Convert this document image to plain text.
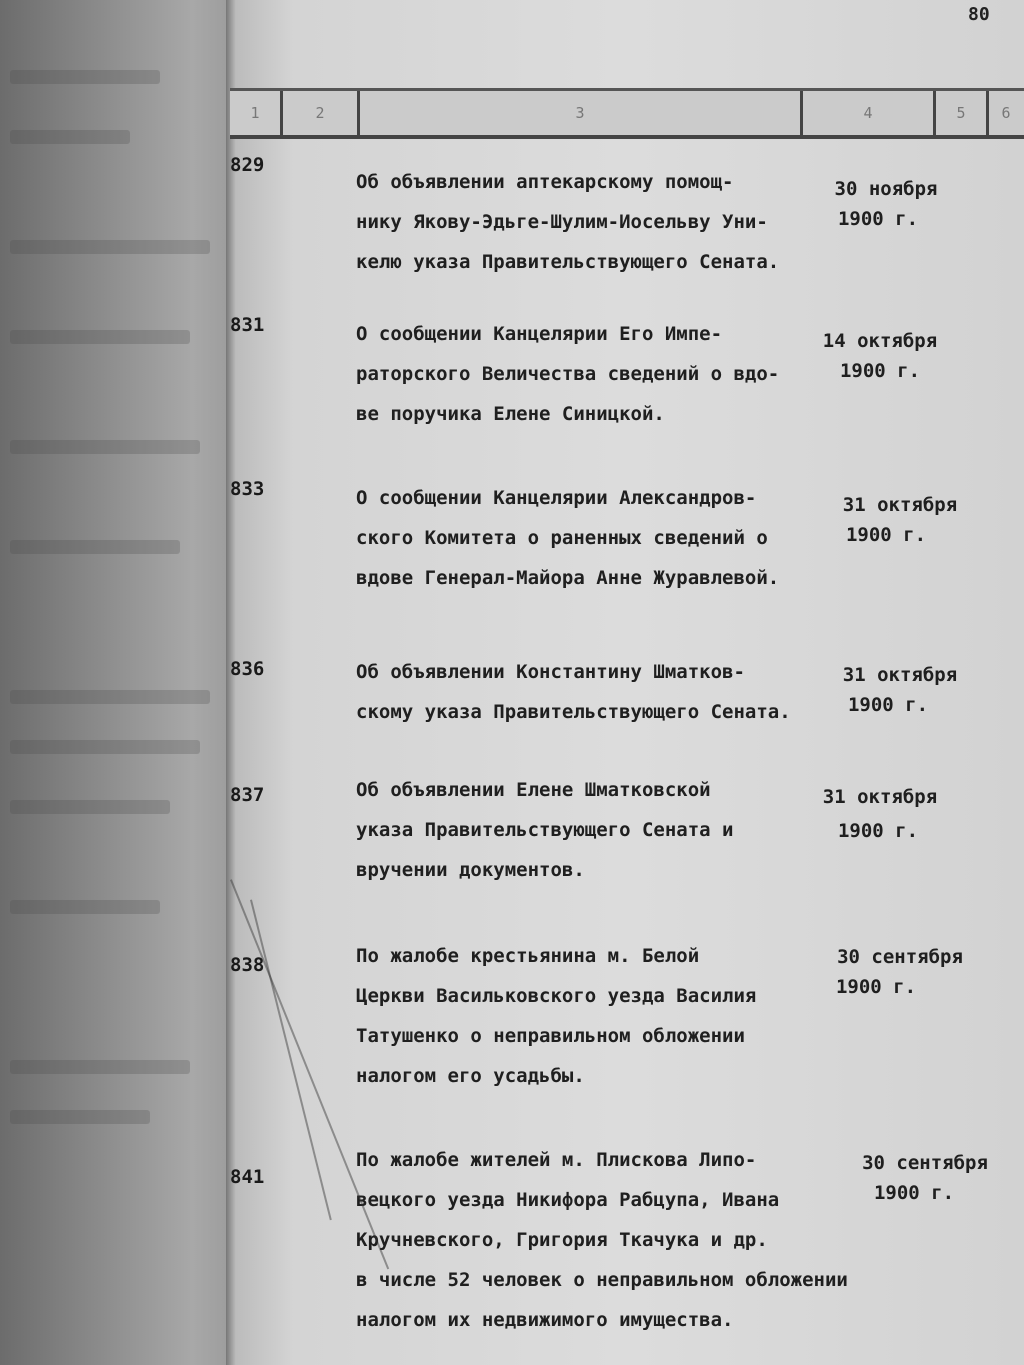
80
1	2	3	4	5	6
829
Об объявлении аптекарскому помощ-
нику Якову-Эдьге-Шулим-Иосельву Уни-
келю указа Правительствующего Сената.
30 ноября
1900 г.
831	О сообщении Канцелярии Его Импе-
раторского Величества сведений о вдо-
ве поручика Елене Синицкой.
14 октября
1900 г.
833	О сообщении Канцелярии Александров-
ского Комитета о раненных сведений о
вдове Генерал-Майора Анне Журавлевой.
31 октября
1900 г.
836	Об объявлении Константину Шматков-
скому указа Правительствующего Сената.
31 октября
1900 г.
837	Об объявлении Елене Шматковской
указа Правительствующего Сената и
вручении документов.
31 октября
1900 г.
838	По жалобе крестьянина м. Белой
Церкви Васильковского уезда Василия
Татушенко о неправильном обложении
налогом его усадьбы.
30 сентября
1900 г.
841
По жалобе жителей м. Плискова Липо-
вецкого уезда Никифора Рабцупа, Ивана
Кручневского, Григория Ткачука и др.
в числе 52 человек о неправильном обложении
налогом их недвижимого имущества.
30 сентября
1900 г.
